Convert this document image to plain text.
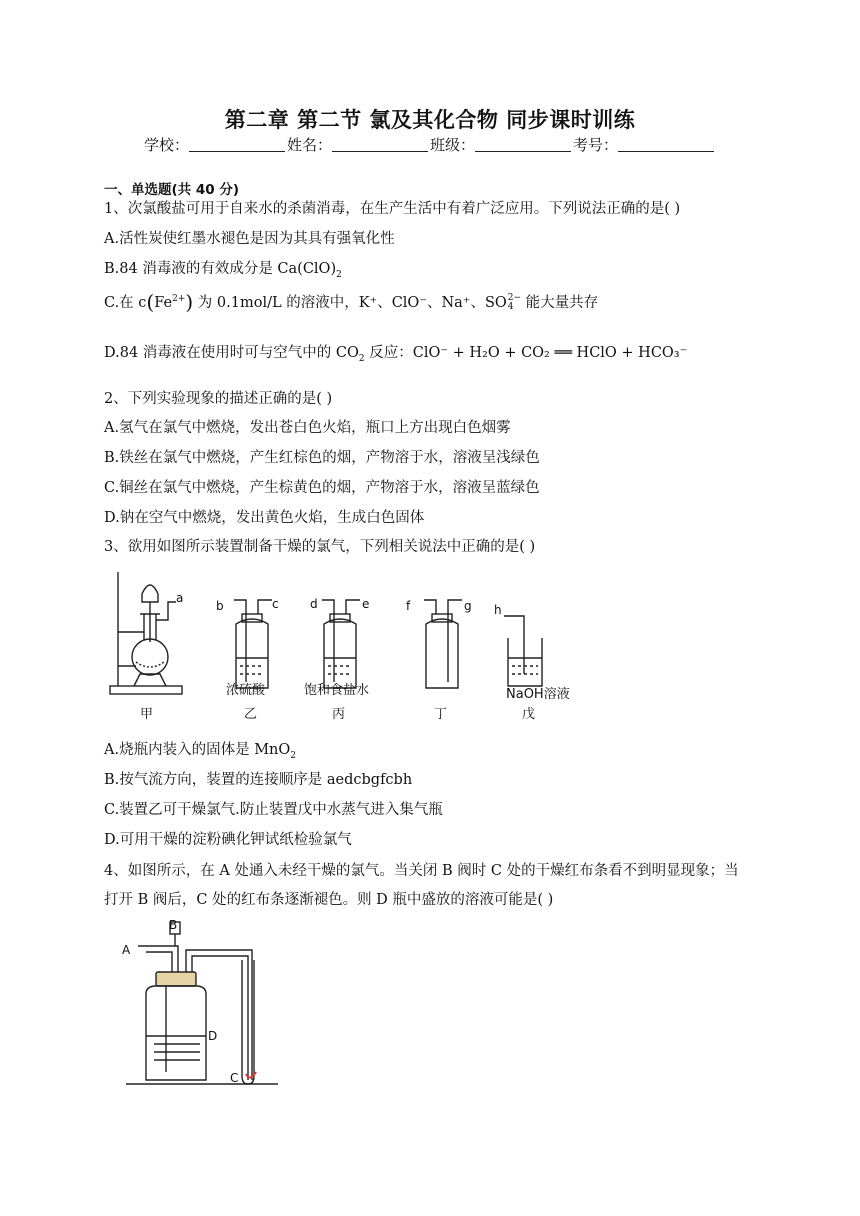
第二章 第二节 氯及其化合物 同步课时训练
学校：	姓名：	班级：	考号：
一、单选题(共 40 分)
1、次氯酸盐可用于自来水的杀菌消毒，在生产生活中有着广泛应用。下列说法正确的是( )
A.活性炭使红墨水褪色是因为其具有强氧化性
B.84 消毒液的有效成分是 $Ca(ClO)_2$
C.在 $c(Fe^{2+})$ 为 0.1mol/L 的溶液中，K⁺、ClO⁻、Na⁺、SO 2−
4 能大量共存
D.84 消毒液在使用时可与空气中的 $CO_2$ 反应：ClO⁻ + H₂O + CO₂ ══ HClO + HCO₃⁻
2、下列实验现象的描述正确的是( )
A.氢气在氯气中燃烧，发出苍白色火焰，瓶口上方出现白色烟雾
B.铁丝在氯气中燃烧，产生红棕色的烟，产物溶于水，溶液呈浅绿色
C.铜丝在氯气中燃烧，产生棕黄色的烟，产物溶于水，溶液呈蓝绿色
D.钠在空气中燃烧，发出黄色火焰，生成白色固体
3、欲用如图所示装置制备干燥的氯气，下列相关说法中正确的是( )
a
b	c	d	e	f	g h
浓硫酸	饱和食盐水	NaOH溶液
甲	乙	丙	丁	戊
A.烧瓶内装入的固体是 MnO$_2$
B.按气流方向，装置的连接顺序是 aedcbgfcbh
C.装置乙可干燥氯气.防止装置戊中水蒸气进入集气瓶
D.可用干燥的淀粉碘化钾试纸检验氯气
4、如图所示，在 A 处通入未经干燥的氯气。当关闭 B 阀时 C 处的干燥红布条看不到明显现象；当
打开 B 阀后，C 处的红布条逐渐褪色。则 D 瓶中盛放的溶液可能是( )
A
B
C
D
